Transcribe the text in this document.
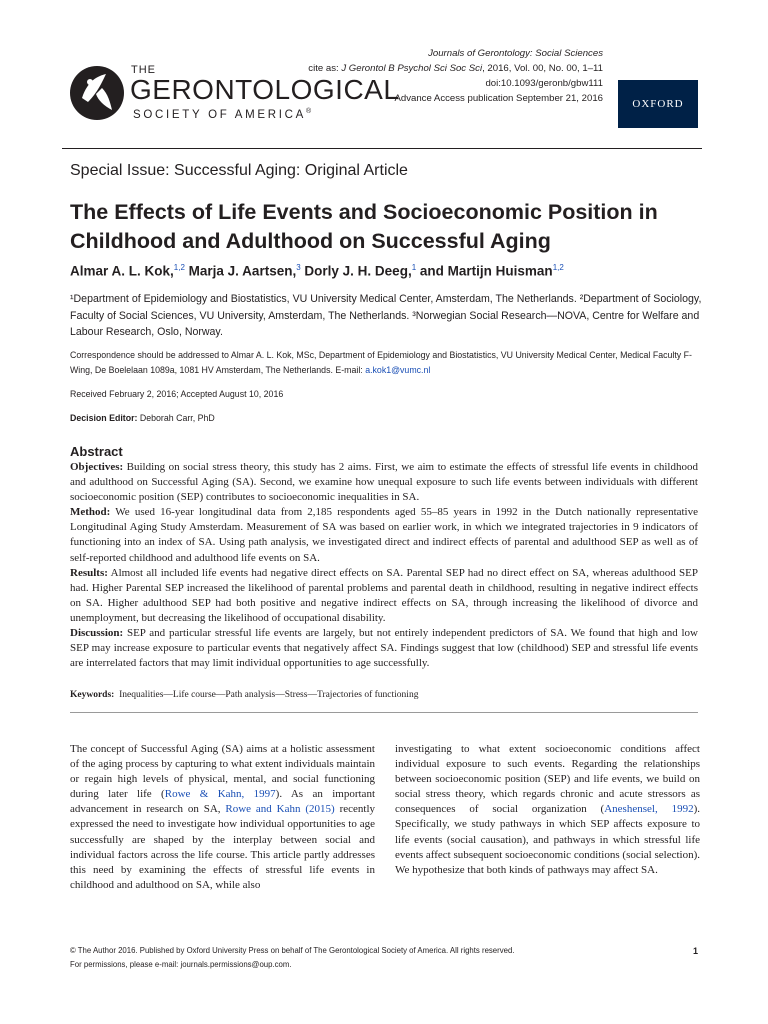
THE
GERONTOLOGICAL
SOCIETY OF AMERICA®
Journals of Gerontology: Social Sciences
cite as: J Gerontol B Psychol Sci Soc Sci, 2016, Vol. 00, No. 00, 1–11
doi:10.1093/geronb/gbw111
Advance Access publication September 21, 2016	OXFORD
Special Issue: Successful Aging: Original Article
The Effects of Life Events and Socioeconomic Position in Childhood and Adulthood on Successful Aging
Almar A. L. Kok,$^{1,2}$ Marja J. Aartsen,$^3$ Dorly J. H. Deeg,$^1$ and Martijn Huisman$^{1,2}$
¹Department of Epidemiology and Biostatistics, VU University Medical Center, Amsterdam, The Netherlands. ²Department of Sociology, Faculty of Social Sciences, VU University, Amsterdam, The Netherlands. ³Norwegian Social Research—NOVA, Centre for Welfare and Labour Research, Oslo, Norway.
Correspondence should be addressed to Almar A. L. Kok, MSc, Department of Epidemiology and Biostatistics, VU University Medical Center, Medical Faculty F-Wing, De Boelelaan 1089a, 1081 HV Amsterdam, The Netherlands. E-mail: a.kok1@vumc.nl
Received February 2, 2016; Accepted August 10, 2016
Decision Editor: Deborah Carr, PhD
Abstract

Objectives: Building on social stress theory, this study has 2 aims. First, we aim to estimate the effects of stressful life events in childhood and adulthood on Successful Aging (SA). Second, we examine how unequal exposure to such life events between individuals with different socioeconomic position (SEP) contributes to socioeconomic inequalities in SA.

Method: We used 16-year longitudinal data from 2,185 respondents aged 55–85 years in 1992 in the Dutch nationally representative Longitudinal Aging Study Amsterdam. Measurement of SA was based on earlier work, in which we integrated trajectories in 9 indicators of functioning into an index of SA. Using path analysis, we investigated direct and indirect effects of parental and adulthood SEP as well as of self-reported childhood and adulthood life events on SA.

Results: Almost all included life events had negative direct effects on SA. Parental SEP had no direct effect on SA, whereas adulthood SEP had. Higher Parental SEP increased the likelihood of parental problems and parental death in childhood, resulting in negative indirect effects on SA. Higher adulthood SEP had both positive and negative indirect effects on SA, through increasing the likelihood of divorce and unemployment, but decreasing the likelihood of occupational disability.

Discussion: SEP and particular stressful life events are largely, but not entirely independent predictors of SA. We found that high and low SEP may increase exposure to particular events that negatively affect SA. Findings suggest that low (childhood) SEP and stressful life events are interrelated factors that may limit individual opportunities to age successfully.

Keywords: Inequalities—Life course—Path analysis—Stress—Trajectories of functioning
The concept of Successful Aging (SA) aims at a holistic assessment of the aging process by capturing to what extent individuals maintain or regain high levels of physical, mental, and social functioning during later life (Rowe & Kahn, 1997). As an important advancement in research on SA, Rowe and Kahn (2015) recently expressed the need to investigate how individual opportunities to age successfully are shaped by the interplay between social and individual factors across the life course. This article partly addresses this need by examining the effects of stressful life events in childhood and adulthood on SA, while also
investigating to what extent socioeconomic conditions affect individual exposure to such events. Regarding the relationships between socioeconomic position (SEP) and life events, we build on social stress theory, which regards chronic and acute stressors as consequences of social organization (Aneshensel, 1992). Specifically, we study pathways in which SEP affects exposure to life events (social causation), and pathways in which stressful life events affect subsequent socioeconomic conditions (social selection). We hypothesize that both kinds of pathways may affect SA.
© The Author 2016. Published by Oxford University Press on behalf of The Gerontological Society of America. All rights reserved.
For permissions, please e-mail: journals.permissions@oup.com.
1
